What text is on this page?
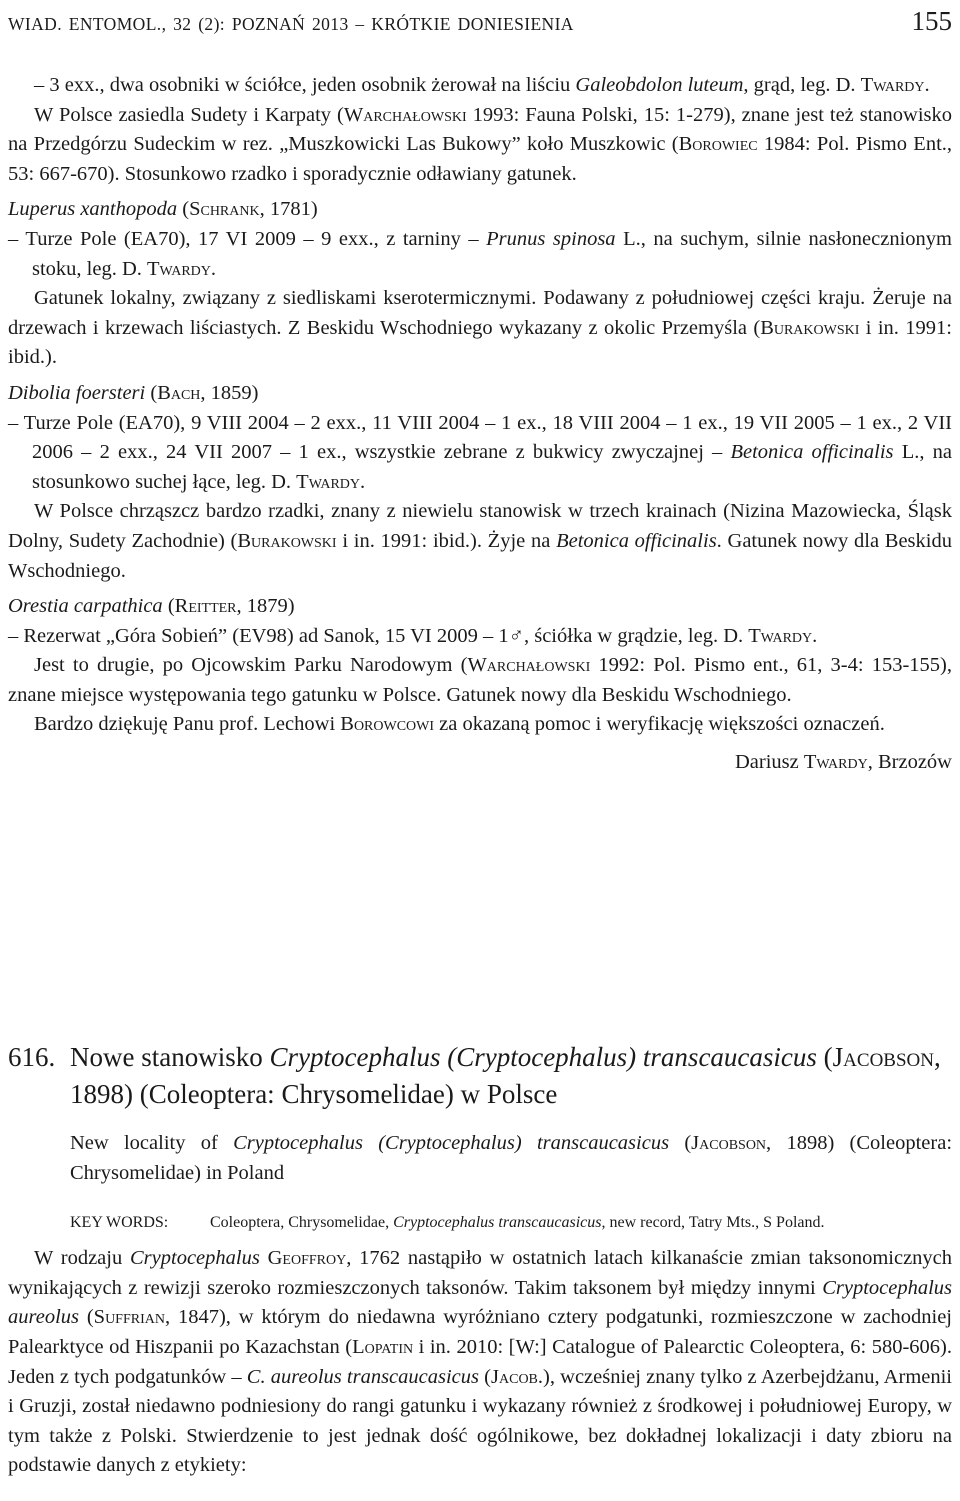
WIAD. ENTOMOL., 32 (2): POZNAŃ 2013 – KRÓTKIE DONIESIENIA	155

– 3 exx., dwa osobniki w ściółce, jeden osobnik żerował na liściu Galeobdolon luteum, grąd, leg. D. Twardy.

W Polsce zasiedla Sudety i Karpaty (Warchałowski 1993: Fauna Polski, 15: 1-279), znane jest też stanowisko na Przedgórzu Sudeckim w rez. „Muszkowicki Las Bukowy” koło Muszkowic (Borowiec 1984: Pol. Pismo Ent., 53: 667-670). Stosunkowo rzadko i sporadycznie odławiany gatunek.

Luperus xanthopoda (Schrank, 1781)

– Turze Pole (EA70), 17 VI 2009 – 9 exx., z tarniny – Prunus spinosa L., na suchym, silnie nasłonecznionym stoku, leg. D. Twardy.

Gatunek lokalny, związany z siedliskami kserotermicznymi. Podawany z południowej części kraju. Żeruje na drzewach i krzewach liściastych. Z Beskidu Wschodniego wykazany z okolic Przemyśla (Burakowski i in. 1991: ibid.).

Dibolia foersteri (Bach, 1859)

– Turze Pole (EA70), 9 VIII 2004 – 2 exx., 11 VIII 2004 – 1 ex., 18 VIII 2004 – 1 ex., 19 VII 2005 – 1 ex., 2 VII 2006 – 2 exx., 24 VII 2007 – 1 ex., wszystkie zebrane z bukwicy zwyczajnej – Betonica officinalis L., na stosunkowo suchej łące, leg. D. Twardy.

W Polsce chrząszcz bardzo rzadki, znany z niewielu stanowisk w trzech krainach (Nizina Mazowiecka, Śląsk Dolny, Sudety Zachodnie) (Burakowski i in. 1991: ibid.). Żyje na Betonica officinalis. Gatunek nowy dla Beskidu Wschodniego.

Orestia carpathica (Reitter, 1879)

– Rezerwat „Góra Sobień” (EV98) ad Sanok, 15 VI 2009 – 1♂, ściółka w grądzie, leg. D. Twardy.

Jest to drugie, po Ojcowskim Parku Narodowym (Warchałowski 1992: Pol. Pismo ent., 61, 3-4: 153-155), znane miejsce występowania tego gatunku w Polsce. Gatunek nowy dla Beskidu Wschodniego.

Bardzo dziękuję Panu prof. Lechowi Borowcowi za okazaną pomoc i weryfikację większości oznaczeń.

Dariusz Twardy, Brzozów

616. Nowe stanowisko Cryptocephalus (Cryptocephalus) transcaucasicus (Jacobson, 1898) (Coleoptera: Chrysomelidae) w Polsce

New locality of Cryptocephalus (Cryptocephalus) transcaucasicus (Jacobson, 1898) (Coleoptera: Chrysomelidae) in Poland

KEY WORDS:	Coleoptera, Chrysomelidae, Cryptocephalus transcaucasicus, new record, Tatry Mts., S Poland.

W rodzaju Cryptocephalus Geoffroy, 1762 nastąpiło w ostatnich latach kilkanaście zmian taksonomicznych wynikających z rewizji szeroko rozmieszczonych taksonów. Takim taksonem był między innymi Cryptocephalus aureolus (Suffrian, 1847), w którym do niedawna wyróżniano cztery podgatunki, rozmieszczone w zachodniej Palearktyce od Hiszpanii po Kazachstan (Lopatin i in. 2010: [W:] Catalogue of Palearctic Coleoptera, 6: 580-606). Jeden z tych podgatunków – C. aureolus transcaucasicus (Jacob.), wcześniej znany tylko z Azerbejdżanu, Armenii i Gruzji, został niedawno podniesiony do rangi gatunku i wykazany również z środkowej i południowej Europy, w tym także z Polski. Stwierdzenie to jest jednak dość ogólnikowe, bez dokładnej lokalizacji i daty zbioru na podstawie danych z etykiety:
